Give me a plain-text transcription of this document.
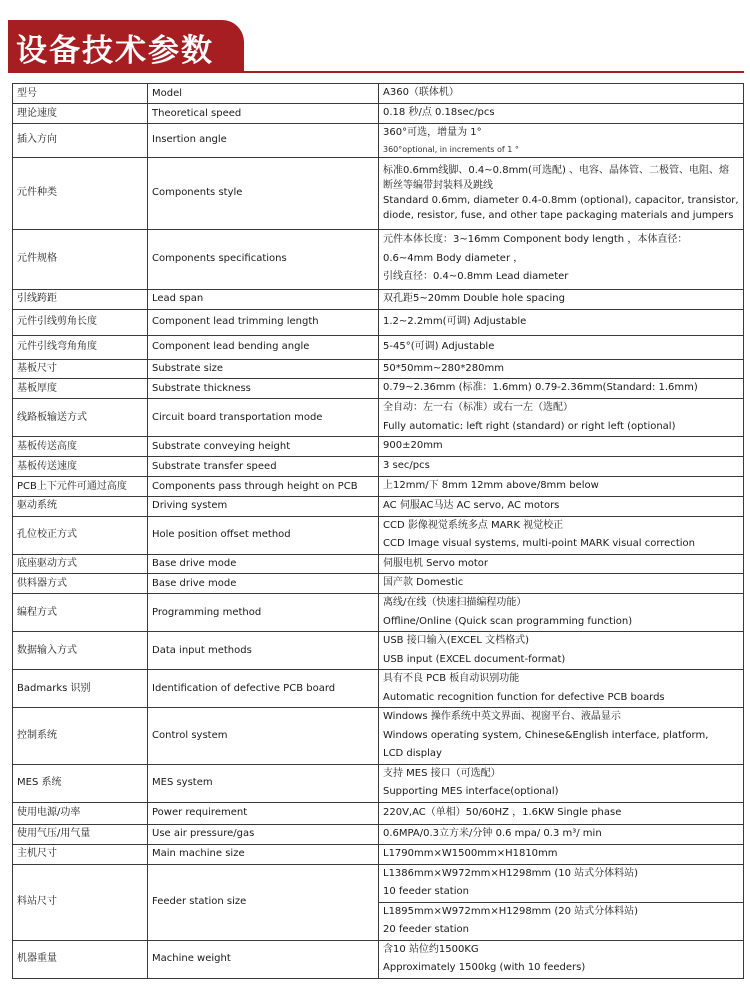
设备技术参数
型号	Model	A360（联体机）

理论速度	Theoretical speed	0.18 秒/点 0.18sec/pcs

插入方向	Insertion angle	360°可选，增量为 1°
360°optional, in increments of 1 °

元件种类	Components style	标准0.6mm线脚、0.4~0.8mm(可选配) 、电容、晶体管、二极管、电阻、熔断丝等编带封装料及跳线
Standard 0.6mm, diameter 0.4-0.8mm (optional), capacitor, transistor, diode, resistor, fuse, and other tape packaging materials and jumpers

元件规格	Components specifications	元件本体长度：3~16mm Component body length ，本体直径：
0.6~4mm Body diameter ，
引线直径：0.4~0.8mm Lead diameter

引线跨距	Lead span	双孔距5~20mm Double hole spacing

元件引线剪角长度	Component lead trimming length	1.2~2.2mm(可调) Adjustable

元件引线弯角角度	Component lead bending angle	5-45°(可调) Adjustable

基板尺寸	Substrate size	50*50mm~280*280mm

基板厚度	Substrate thickness	0.79~2.36mm (标准：1.6mm) 0.79-2.36mm(Standard: 1.6mm)

线路板输送方式	Circuit board transportation mode	全自动：左一右（标准）或右一左（选配）
Fully automatic: left right (standard) or right left (optional)

基板传送高度	Substrate conveying height	900±20mm

基板传送速度	Substrate transfer speed	3 sec/pcs

PCB上下元件可通过高度	Components pass through height on PCB	上12mm/下 8mm 12mm above/8mm below

驱动系统	Driving system	AC 伺服AC马达 AC servo, AC motors

孔位校正方式	Hole position offset method	CCD 影像视觉系统多点 MARK 视觉校正
CCD Image visual systems, multi-point MARK visual correction

底座驱动方式	Base drive mode	伺服电机 Servo motor

供料器方式	Base drive mode	国产款 Domestic

编程方式	Programming method	离线/在线（快速扫描编程功能）
Offline/Online (Quick scan programming function)

数据输入方式	Data input methods	USB 接口输入(EXCEL 文档格式)
USB input (EXCEL document-format)

Badmarks 识别	Identification of defective PCB board	具有不良 PCB 板自动识别功能
Automatic recognition function for defective PCB boards

控制系统	Control system	Windows 操作系统中英文界面、视窗平台、液晶显示
Windows operating system, Chinese&English interface, platform,
LCD display

MES 系统	MES system	支持 MES 接口（可选配）
Supporting MES interface(optional)

使用电源/功率	Power requirement	220V,AC（单相）50/60HZ ，1.6KW Single phase

使用气压/用气量	Use air pressure/gas	0.6MPA/0.3立方米/分钟 0.6 mpa/ 0.3 m³/ min

主机尺寸	Main machine size	L1790mm×W1500mm×H1810mm

料站尺寸	Feeder station size	L1386mm×W972mm×H1298mm (10 站式分体料站)
10 feeder station
L1895mm×W972mm×H1298mm (20 站式分体料站)
20 feeder station

机器重量	Machine weight	含10 站位约1500KG
Approximately 1500kg (with 10 feeders)
